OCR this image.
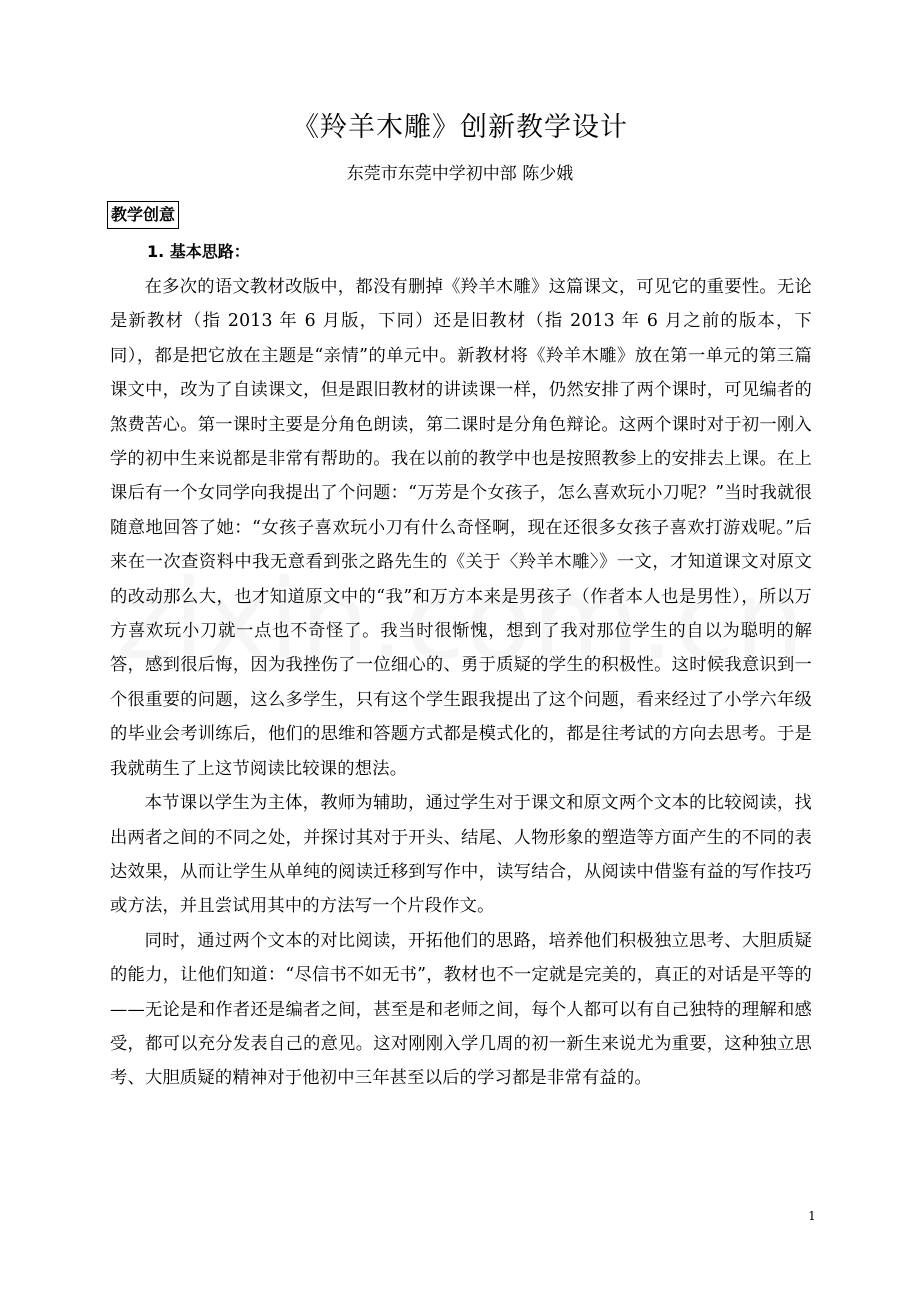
《羚羊木雕》创新教学设计
东莞市东莞中学初中部 陈少娥
教学创意
1. 基本思路：

在多次的语文教材改版中，都没有删掉《羚羊木雕》这篇课文，可见它的重要性。无论是新教材（指 2013 年 6 月版，下同）还是旧教材（指 2013 年 6 月之前的版本，下同），都是把它放在主题是“亲情”的单元中。新教材将《羚羊木雕》放在第一单元的第三篇课文中，改为了自读课文，但是跟旧教材的讲读课一样，仍然安排了两个课时，可见编者的煞费苦心。第一课时主要是分角色朗读，第二课时是分角色辩论。这两个课时对于初一刚入学的初中生来说都是非常有帮助的。我在以前的教学中也是按照教参上的安排去上课。在上课后有一个女同学向我提出了个问题：“万芳是个女孩子，怎么喜欢玩小刀呢？”当时我就很随意地回答了她：“女孩子喜欢玩小刀有什么奇怪啊，现在还很多女孩子喜欢打游戏呢。”后来在一次查资料中我无意看到张之路先生的《关于〈羚羊木雕〉》一文，才知道课文对原文的改动那么大，也才知道原文中的“我”和万方本来是男孩子（作者本人也是男性），所以万方喜欢玩小刀就一点也不奇怪了。我当时很惭愧，想到了我对那位学生的自以为聪明的解答，感到很后悔，因为我挫伤了一位细心的、勇于质疑的学生的积极性。这时候我意识到一个很重要的问题，这么多学生，只有这个学生跟我提出了这个问题，看来经过了小学六年级的毕业会考训练后，他们的思维和答题方式都是模式化的，都是往考试的方向去思考。于是我就萌生了上这节阅读比较课的想法。

本节课以学生为主体，教师为辅助，通过学生对于课文和原文两个文本的比较阅读，找出两者之间的不同之处，并探讨其对于开头、结尾、人物形象的塑造等方面产生的不同的表达效果，从而让学生从单纯的阅读迁移到写作中，读写结合，从阅读中借鉴有益的写作技巧或方法，并且尝试用其中的方法写一个片段作文。

同时，通过两个文本的对比阅读，开拓他们的思路，培养他们积极独立思考、大胆质疑的能力，让他们知道：“尽信书不如无书”，教材也不一定就是完美的，真正的对话是平等的——无论是和作者还是编者之间，甚至是和老师之间，每个人都可以有自己独特的理解和感受，都可以充分发表自己的意见。这对刚刚入学几周的初一新生来说尤为重要，这种独立思考、大胆质疑的精神对于他初中三年甚至以后的学习都是非常有益的。

1
